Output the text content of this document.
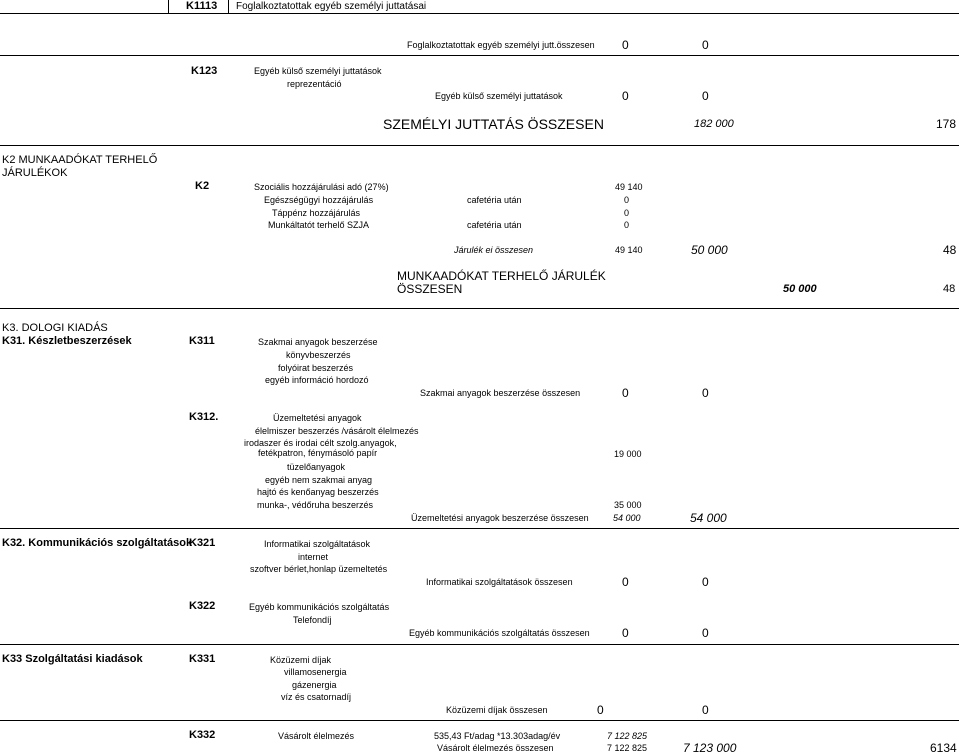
K1113 Foglalkoztatottak egyéb személyi juttatásai
Foglalkoztatottak egyéb személyi jutt.összesen 0	0
K123	Egyéb külső személyi juttatások
reprezentáció
Egyéb külső személyi juttatások	0	0
SZEMÉLYI JUTTATÁS ÖSSZESEN	182 000	178
K2 MUNKAADÓKAT TERHELŐ
JÁRULÉKOK
K2	Szociális hozzájárulási adó (27%)	49 140
Egészségügyi hozzájárulás	cafetéria után	0
Táppénz hozzájárulás	0
Munkáltatót terhelő SZJA	cafetéria után	0
Járulék ei összesen	49 140	50 000	48
MUNKAADÓKAT TERHELŐ JÁRULÉK
ÖSSZESEN	50 000	48
K3. DOLOGI KIADÁS
K31. Készletbeszerzések	K311	Szakmai anyagok beszerzése
könyvbeszerzés
folyóirat beszerzés
egyéb információ hordozó
Szakmai anyagok beszerzése összesen	0	0
K312.	Üzemeltetési anyagok
élelmiszer beszerzés /vásárolt élelmezés
irodaszer és irodai célt szolg.anyagok,
fetékpatron, fénymásoló papír	19 000
tüzelőanyagok
egyéb nem szakmai anyag
hajtó és kenőanyag beszerzés
munka-, védőruha beszerzés	35 000
Üzemeltetési anyagok beszerzése összesen	54 000	54 000
K32. Kommunikációs szolgáltatások
K321	Informatikai szolgáltatások
internet
szoftver bérlet,honlap üzemeltetés
Informatikai szolgáltatások összesen	0	0
K322	Egyéb kommunikációs szolgáltatás
Telefondíj
Egyéb kommunikációs szolgáltatás összesen	0	0
K33 Szolgáltatási kiadások	K331	Közüzemi díjak
villamosenergia
gázenergia
víz és csatornadíj
Közüzemi díjak összesen	0	0
K332	Vásárolt élelmezés	535,43 Ft/adag *13.303adag/év	7 122 825
Vásárolt élelmezés összesen	7 122 825	7 123 000	6134
